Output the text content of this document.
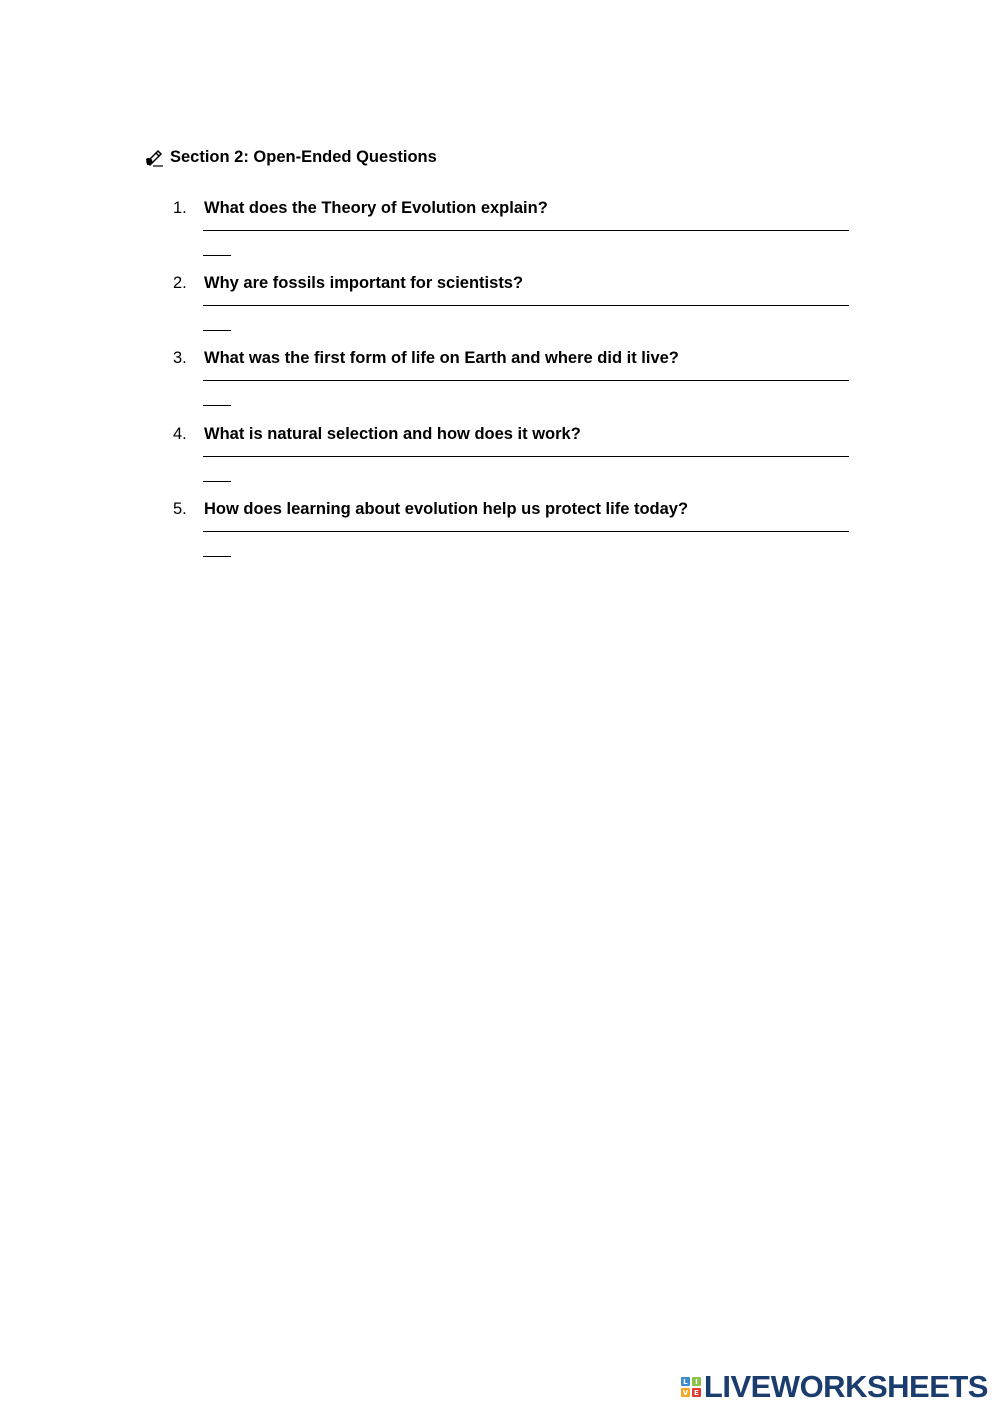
Section 2: Open-Ended Questions
1. What does the Theory of Evolution explain?
2. Why are fossils important for scientists?
3. What was the first form of life on Earth and where did it live?
4. What is natural selection and how does it work?
5. How does learning about evolution help us protect life today?
L	I
V E LIVEWORKSHEETS
